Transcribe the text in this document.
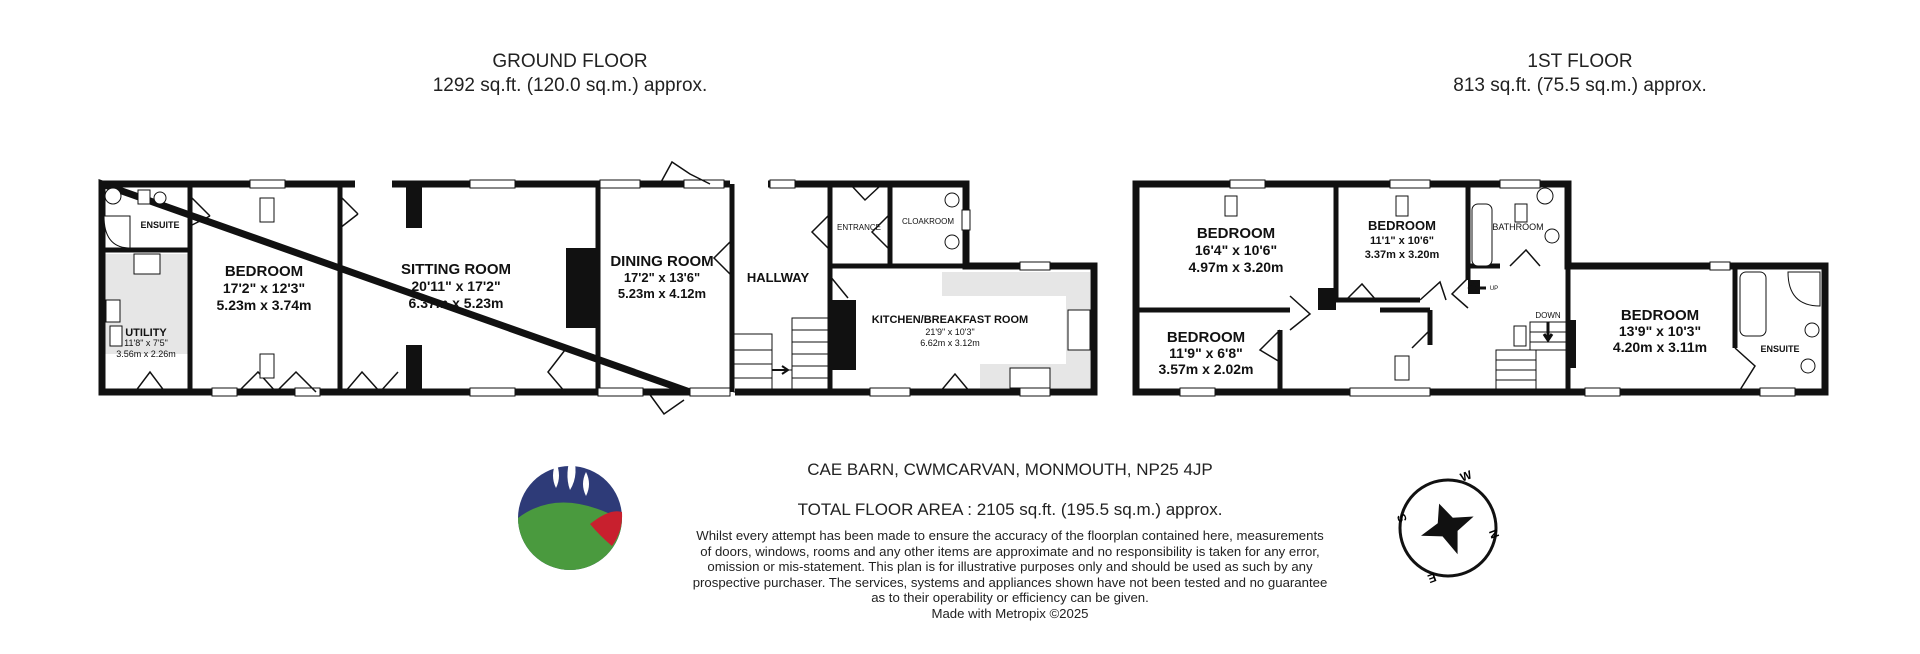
GROUND FLOOR
1292 sq.ft. (120.0 sq.m.) approx.
1ST FLOOR
813 sq.ft. (75.5 sq.m.) approx.
ENSUITE
UTILITY
11'8" x 7'5"
3.56m x 2.26m
BEDROOM
17'2" x 12'3"
5.23m x 3.74m
SITTING ROOM
20'11" x 17'2"
6.37m x 5.23m
DINING ROOM
17'2" x 13'6"
5.23m x 4.12m
HALLWAY
ENTRANCE
CLOAKROOM
KITCHEN/BREAKFAST ROOM
21'9" x 10'3"
6.62m x 3.12m
BEDROOM
16'4" x 10'6"
4.97m x 3.20m
BEDROOM
11'1" x 10'6"
3.37m x 3.20m
BATHROOM
BEDROOM
11'9" x 6'8"
3.57m x 2.02m
BEDROOM
13'9" x 10'3"
4.20m x 3.11m	ENSUITE
UP
DOWN
N
E
S
W
CAE BARN, CWMCARVAN, MONMOUTH, NP25 4JP
TOTAL FLOOR AREA : 2105 sq.ft. (195.5 sq.m.) approx.
Whilst every attempt has been made to ensure the accuracy of the floorplan contained here, measurements
of doors, windows, rooms and any other items are approximate and no responsibility is taken for any error,
omission or mis-statement. This plan is for illustrative purposes only and should be used as such by any
prospective purchaser. The services, systems and appliances shown have not been tested and no guarantee
as to their operability or efficiency can be given.
Made with Metropix ©2025
